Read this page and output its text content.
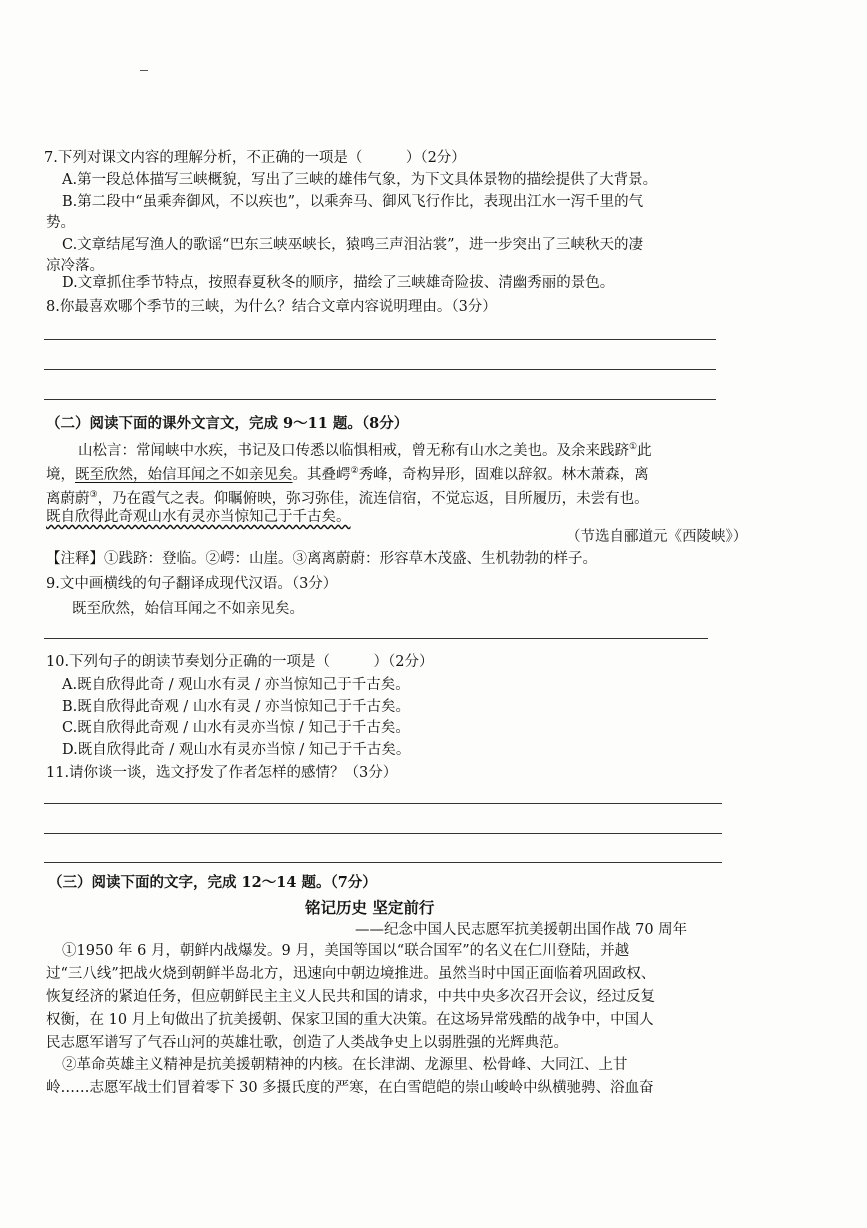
7.下列对课文内容的理解分析，不正确的一项是（　　　）（2分）
A.第一段总体描写三峡概貌，写出了三峡的雄伟气象，为下文具体景物的描绘提供了大背景。
B.第二段中“虽乘奔御风，不以疾也”，以乘奔马、御风飞行作比，表现出江水一泻千里的气
势。
C.文章结尾写渔人的歌谣“巴东三峡巫峡长，猿鸣三声泪沾裳”，进一步突出了三峡秋天的凄
凉冷落。
D.文章抓住季节特点，按照春夏秋冬的顺序，描绘了三峡雄奇险拔、清幽秀丽的景色。
8.你最喜欢哪个季节的三峡，为什么？结合文章内容说明理由。（3分）
（二）阅读下面的课外文言文，完成 9～11 题。（8分）
山松言：常闻峡中水疾，书记及口传悉以临惧相戒，曾无称有山水之美也。及余来践跻①此
境，既至欣然，始信耳闻之不如亲见矣。其叠崿②秀峰，奇构异形，固难以辞叙。林木萧森，离
离蔚蔚③，乃在霞气之表。仰瞩俯映，弥习弥佳，流连信宿，不觉忘返，目所履历，未尝有也。
既自欣得此奇观山水有灵亦当惊知己于千古矣。
（节选自郦道元《西陵峡》）
【注释】①践跻：登临。②崿：山崖。③离离蔚蔚：形容草木茂盛、生机勃勃的样子。
9.文中画横线的句子翻译成现代汉语。（3分）
既至欣然，始信耳闻之不如亲见矣。
10.下列句子的朗读节奏划分正确的一项是（　　　）（2分）
A.既自欣得此奇 / 观山水有灵 / 亦当惊知己于千古矣。
B.既自欣得此奇观 / 山水有灵 / 亦当惊知己于千古矣。
C.既自欣得此奇观 / 山水有灵亦当惊 / 知己于千古矣。
D.既自欣得此奇 / 观山水有灵亦当惊 / 知己于千古矣。
11.请你谈一谈，选文抒发了作者怎样的感情？（3分）
（三）阅读下面的文字，完成 12～14 题。（7分）
铭记历史 坚定前行
——纪念中国人民志愿军抗美援朝出国作战 70 周年
①1950 年 6 月，朝鲜内战爆发。9 月，美国等国以“联合国军”的名义在仁川登陆，并越
过“三八线”把战火烧到朝鲜半岛北方，迅速向中朝边境推进。虽然当时中国正面临着巩固政权、
恢复经济的紧迫任务，但应朝鲜民主主义人民共和国的请求，中共中央多次召开会议，经过反复
权衡，在 10 月上旬做出了抗美援朝、保家卫国的重大决策。在这场异常残酷的战争中，中国人
民志愿军谱写了气吞山河的英雄壮歌，创造了人类战争史上以弱胜强的光辉典范。
②革命英雄主义精神是抗美援朝精神的内核。在长津湖、龙源里、松骨峰、大同江、上甘
岭……志愿军战士们冒着零下 30 多摄氏度的严寒，在白雪皑皑的崇山峻岭中纵横驰骋、浴血奋
